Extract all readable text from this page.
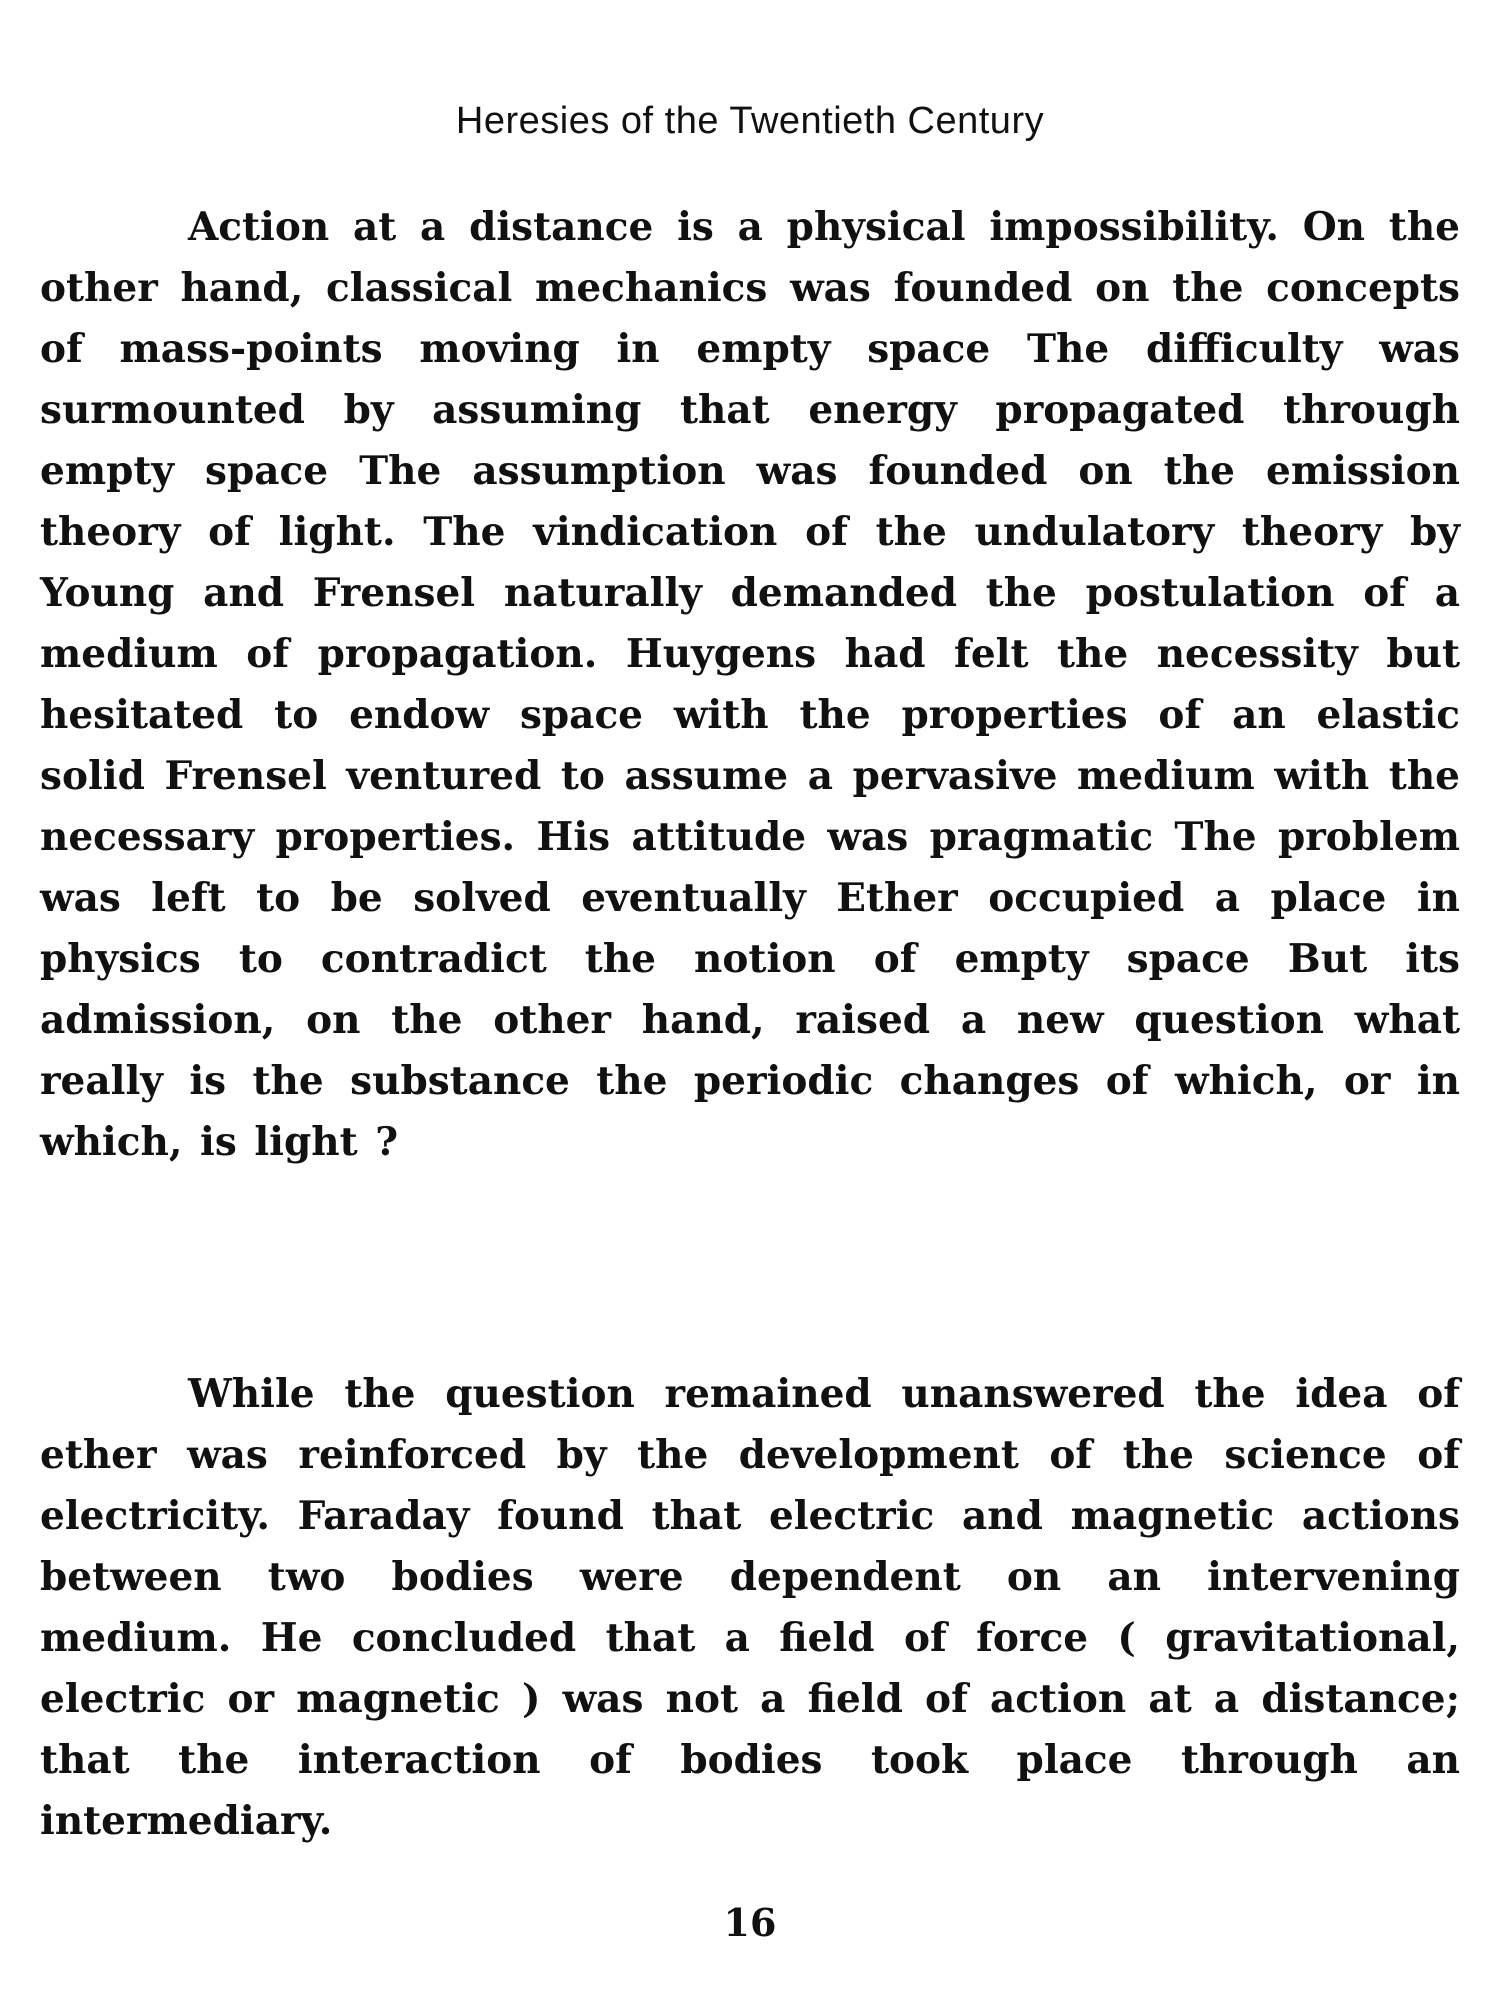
Heresies of the Twentieth Century
Action at a distance is a physical impossibility. On the other hand, classical mechanics was founded on the concepts of mass-points moving in empty space The difficulty was surmounted by assuming that energy propagated through empty space The assumption was founded on the emission theory of light. The vindication of the undulatory theory by Young and Frensel naturally demanded the postulation of a medium of propagation. Huygens had felt the necessity but hesitated to endow space with the properties of an elastic solid Frensel ventured to assume a pervasive medium with the necessary properties. His attitude was pragmatic The problem was left to be solved eventually Ether occupied a place in physics to contradict the notion of empty space But its admission, on the other hand, raised a new question what really is the substance the periodic changes of which, or in which, is light ?
While the question remained unanswered the idea of ether was reinforced by the development of the science of electricity. Faraday found that electric and magnetic actions between two bodies were dependent on an intervening medium. He concluded that a field of force ( gravitational, electric or magnetic ) was not a field of action at a distance; that the interaction of bodies took place through an intermediary.
16
